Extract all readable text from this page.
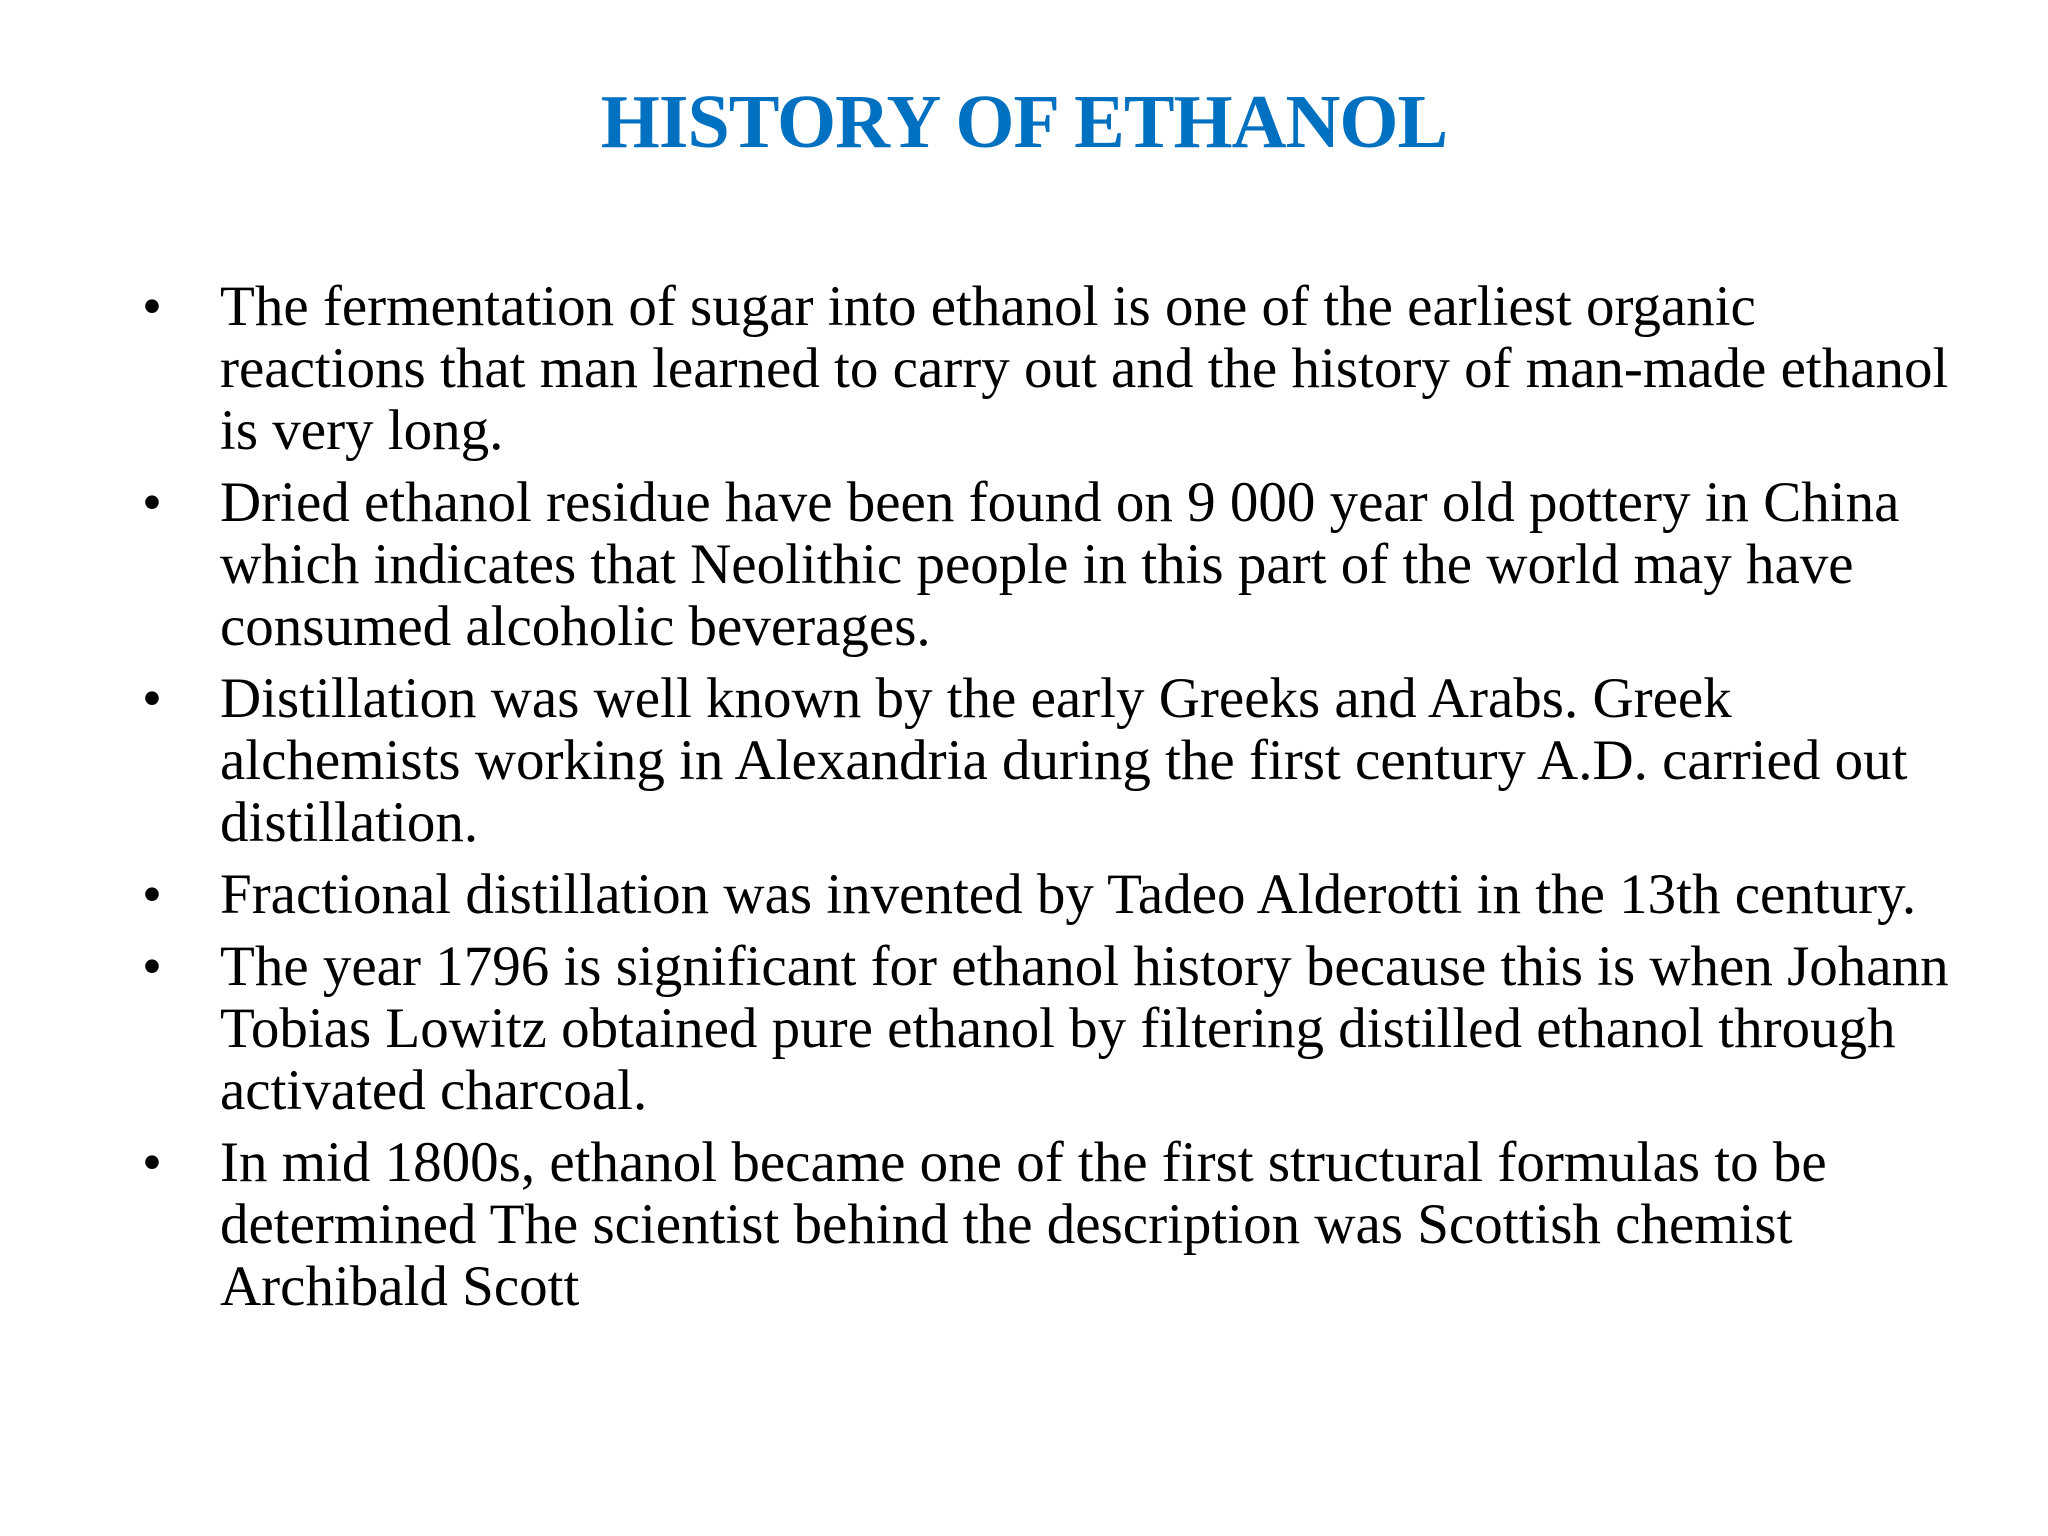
HISTORY OF ETHANOL
•	The fermentation of sugar into ethanol is one of the earliest organic reactions that man learned to carry out and the history of man-made ethanol is very long.
•	Dried ethanol residue have been found on 9 000 year old pottery in China which indicates that Neolithic people in this part of the world may have consumed alcoholic beverages.
•	Distillation was well known by the early Greeks and Arabs. Greek alchemists working in Alexandria during the first century A.D. carried out distillation.
•	Fractional distillation was invented by Tadeo Alderotti in the 13th century.
•	The year 1796 is significant for ethanol history because this is when Johann Tobias Lowitz obtained pure ethanol by filtering distilled ethanol through activated charcoal.
•	In mid 1800s, ethanol became one of the first structural formulas to be determined The scientist behind the description was Scottish chemist Archibald Scott
